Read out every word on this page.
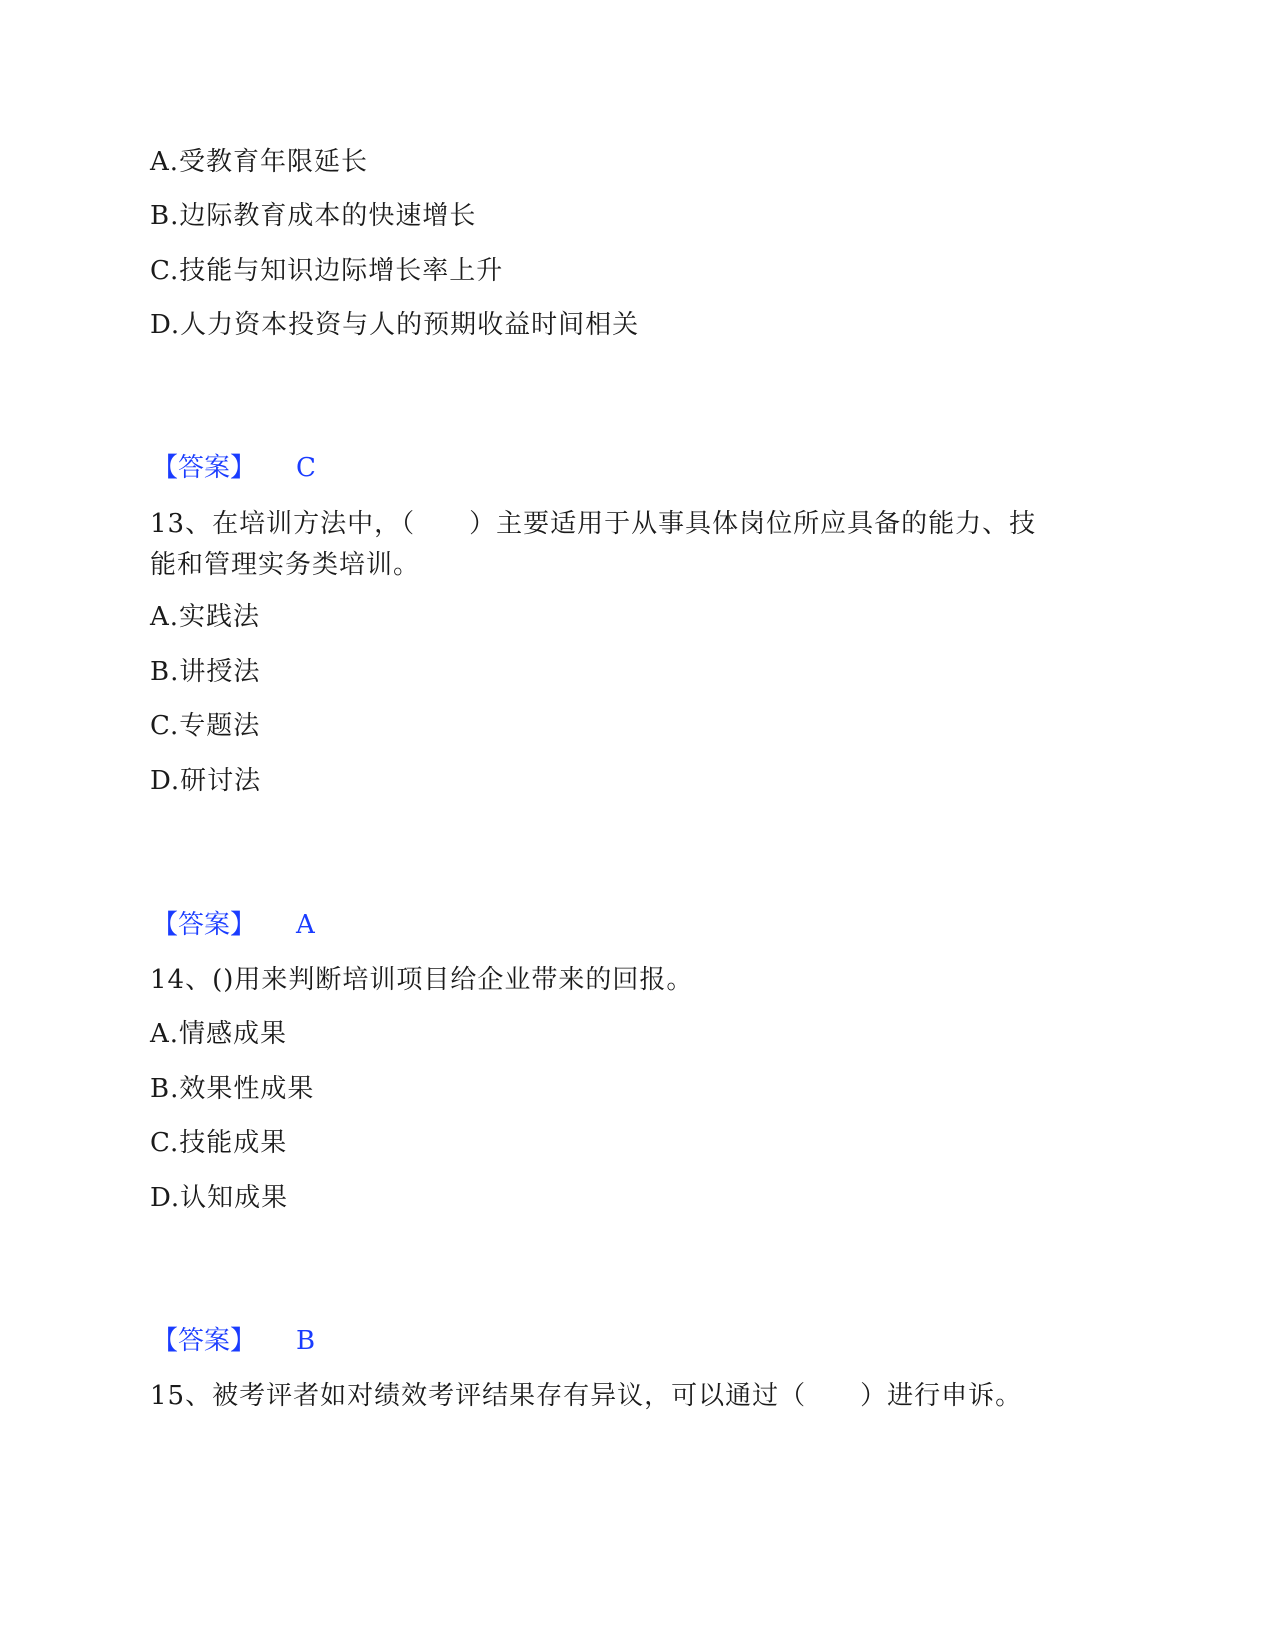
A.受教育年限延长
B.边际教育成本的快速增长
C.技能与知识边际增长率上升
D.人力资本投资与人的预期收益时间相关
【答案】 C
13、在培训方法中，（　　）主要适用于从事具体岗位所应具备的能力、技
能和管理实务类培训。
A.实践法
B.讲授法
C.专题法
D.研讨法
【答案】 A
14、()用来判断培训项目给企业带来的回报。
A.情感成果
B.效果性成果
C.技能成果
D.认知成果
【答案】 B
15、被考评者如对绩效考评结果存有异议，可以通过（　　）进行申诉。
